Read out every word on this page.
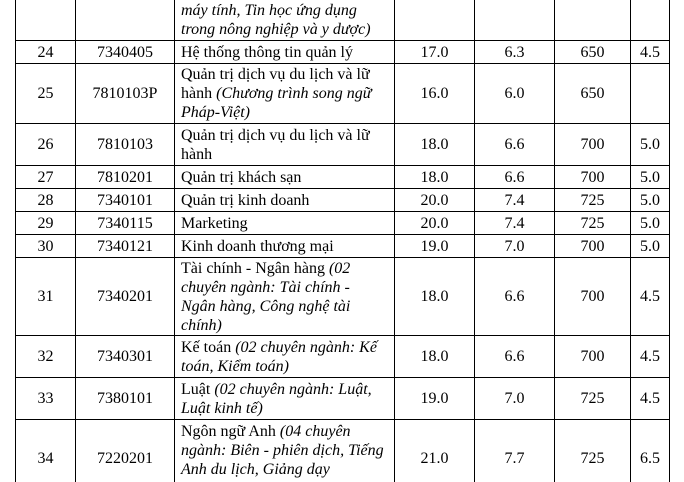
		máy tính, Tin học ứng dụng trong nông nghiệp và y dược)				
24	7340405	Hệ thống thông tin quản lý	17.0	6.3	650	4.5
25	7810103P	Quản trị dịch vụ du lịch và lữ hành (Chương trình song ngữ Pháp-Việt)	16.0	6.0	650	
26	7810103	Quản trị dịch vụ du lịch và lữ hành	18.0	6.6	700	5.0
27	7810201	Quản trị khách sạn	18.0	6.6	700	5.0
28	7340101	Quản trị kinh doanh	20.0	7.4	725	5.0
29	7340115	Marketing	20.0	7.4	725	5.0
30	7340121	Kinh doanh thương mại	19.0	7.0	700	5.0
31	7340201	Tài chính - Ngân hàng (02 chuyên ngành: Tài chính - Ngân hàng, Công nghệ tài chính)	18.0	6.6	700	4.5
32	7340301	Kế toán (02 chuyên ngành: Kế toán, Kiểm toán)	18.0	6.6	700	4.5
33	7380101	Luật (02 chuyên ngành: Luật, Luật kinh tế)	19.0	7.0	725	4.5
34	7220201	Ngôn ngữ Anh (04 chuyên ngành: Biên - phiên dịch, Tiếng Anh du lịch, Giảng dạy	21.0	7.7	725	6.5
